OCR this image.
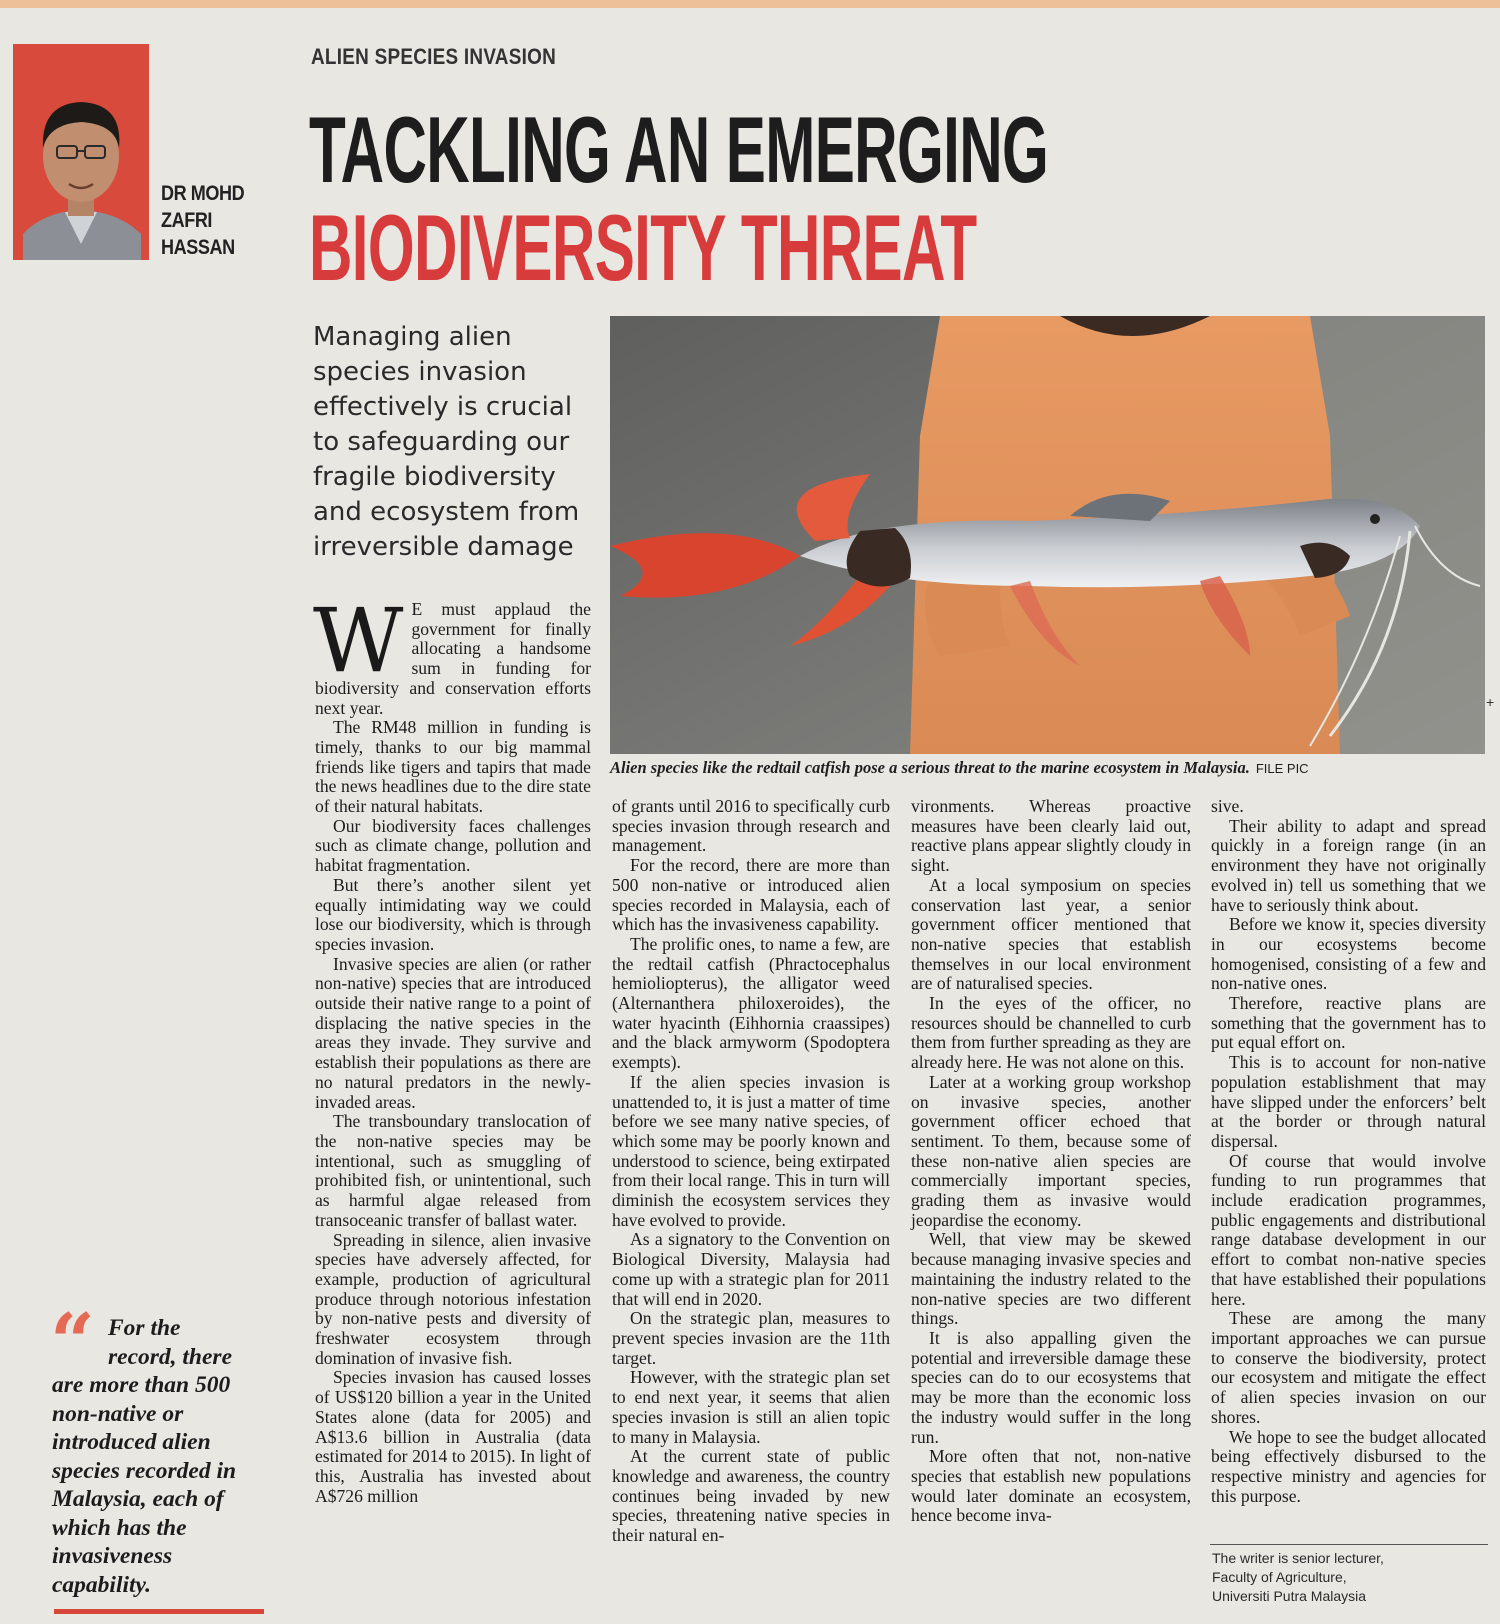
DR MOHD
ZAFRI
HASSAN
ALIEN SPECIES INVASION
TACKLING AN EMERGING
BIODIVERSITY THREAT
Managing alien
species invasion
effectively is crucial
to safeguarding our
fragile biodiversity
and ecosystem from
irreversible damage
Alien species like the redtail catfish pose a serious threat to the marine ecosystem in Malaysia. FILE PIC
+

W E must applaud the government for finally allocating a handsome sum in funding for biodiversity and conservation efforts next year.

The RM48 million in funding is timely, thanks to our big mammal friends like tigers and tapirs that made the news headlines due to the dire state of their natural habitats.

Our biodiversity faces challenges such as climate change, pollution and habitat fragmentation.

But there’s another silent yet equally intimidating way we could lose our biodiversity, which is through species invasion.

Invasive species are alien (or rather non-native) species that are introduced outside their native range to a point of displacing the native species in the areas they invade. They survive and establish their populations as there are no natural predators in the newly-invaded areas.

The transboundary translocation of the non-native species may be intentional, such as smuggling of prohibited fish, or unintentional, such as harmful algae released from transoceanic transfer of ballast water.

Spreading in silence, alien invasive species have adversely affected, for example, production of agricultural produce through notorious infestation by non-native pests and diversity of freshwater ecosystem through domination of invasive fish.

Species invasion has caused losses of US$120 billion a year in the United States alone (data for 2005) and A$13.6 billion in Australia (data estimated for 2014 to 2015). In light of this, Australia has invested about A$726 million

of grants until 2016 to specifically curb species invasion through research and management.

For the record, there are more than 500 non-native or introduced alien species recorded in Malaysia, each of which has the invasiveness capability.

The prolific ones, to name a few, are the redtail catfish (Phractocephalus hemioliopterus), the alligator weed (Alternanthera philoxeroides), the water hyacinth (Eihhornia craassipes) and the black armyworm (Spodoptera exempts).

If the alien species invasion is unattended to, it is just a matter of time before we see many native species, of which some may be poorly known and understood to science, being extirpated from their local range. This in turn will diminish the ecosystem services they have evolved to provide.

As a signatory to the Convention on Biological Diversity, Malaysia had come up with a strategic plan for 2011 that will end in 2020.

On the strategic plan, measures to prevent species invasion are the 11th target.

However, with the strategic plan set to end next year, it seems that alien species invasion is still an alien topic to many in Malaysia.

At the current state of public knowledge and awareness, the country continues being invaded by new species, threatening native species in their natural en-

vironments. Whereas proactive measures have been clearly laid out, reactive plans appear slightly cloudy in sight.

At a local symposium on species conservation last year, a senior government officer mentioned that non-native species that establish themselves in our local environment are of naturalised species.

In the eyes of the officer, no resources should be channelled to curb them from further spreading as they are already here. He was not alone on this.

Later at a working group workshop on invasive species, another government officer echoed that sentiment. To them, because some of these non-native alien species are commercially important species, grading them as invasive would jeopardise the economy.

Well, that view may be skewed because managing invasive species and maintaining the industry related to the non-native species are two different things.

It is also appalling given the potential and irreversible damage these species can do to our ecosystems that may be more than the economic loss the industry would suffer in the long run.

More often that not, non-native species that establish new populations would later dominate an ecosystem, hence become inva-

sive.

Their ability to adapt and spread quickly in a foreign range (in an environment they have not originally evolved in) tell us something that we have to seriously think about.

Before we know it, species diversity in our ecosystems become homogenised, consisting of a few and non-native ones.

Therefore, reactive plans are something that the government has to put equal effort on.

This is to account for non-native population establishment that may have slipped under the enforcers’ belt at the border or through natural dispersal.

Of course that would involve funding to run programmes that include eradication programmes, public engagements and distributional range database development in our effort to combat non-native species that have established their populations here.

These are among the many important approaches we can pursue to conserve the biodiversity, protect our ecosystem and mitigate the effect of alien species invasion on our shores.

We hope to see the budget allocated being effectively disbursed to the respective ministry and agencies for this purpose.

“ For the
record, there
are more than 500
non-native or
introduced alien
species recorded in
Malaysia, each of
which has the
invasiveness
capability.
The writer is senior lecturer,
Faculty of Agriculture,
Universiti Putra Malaysia
